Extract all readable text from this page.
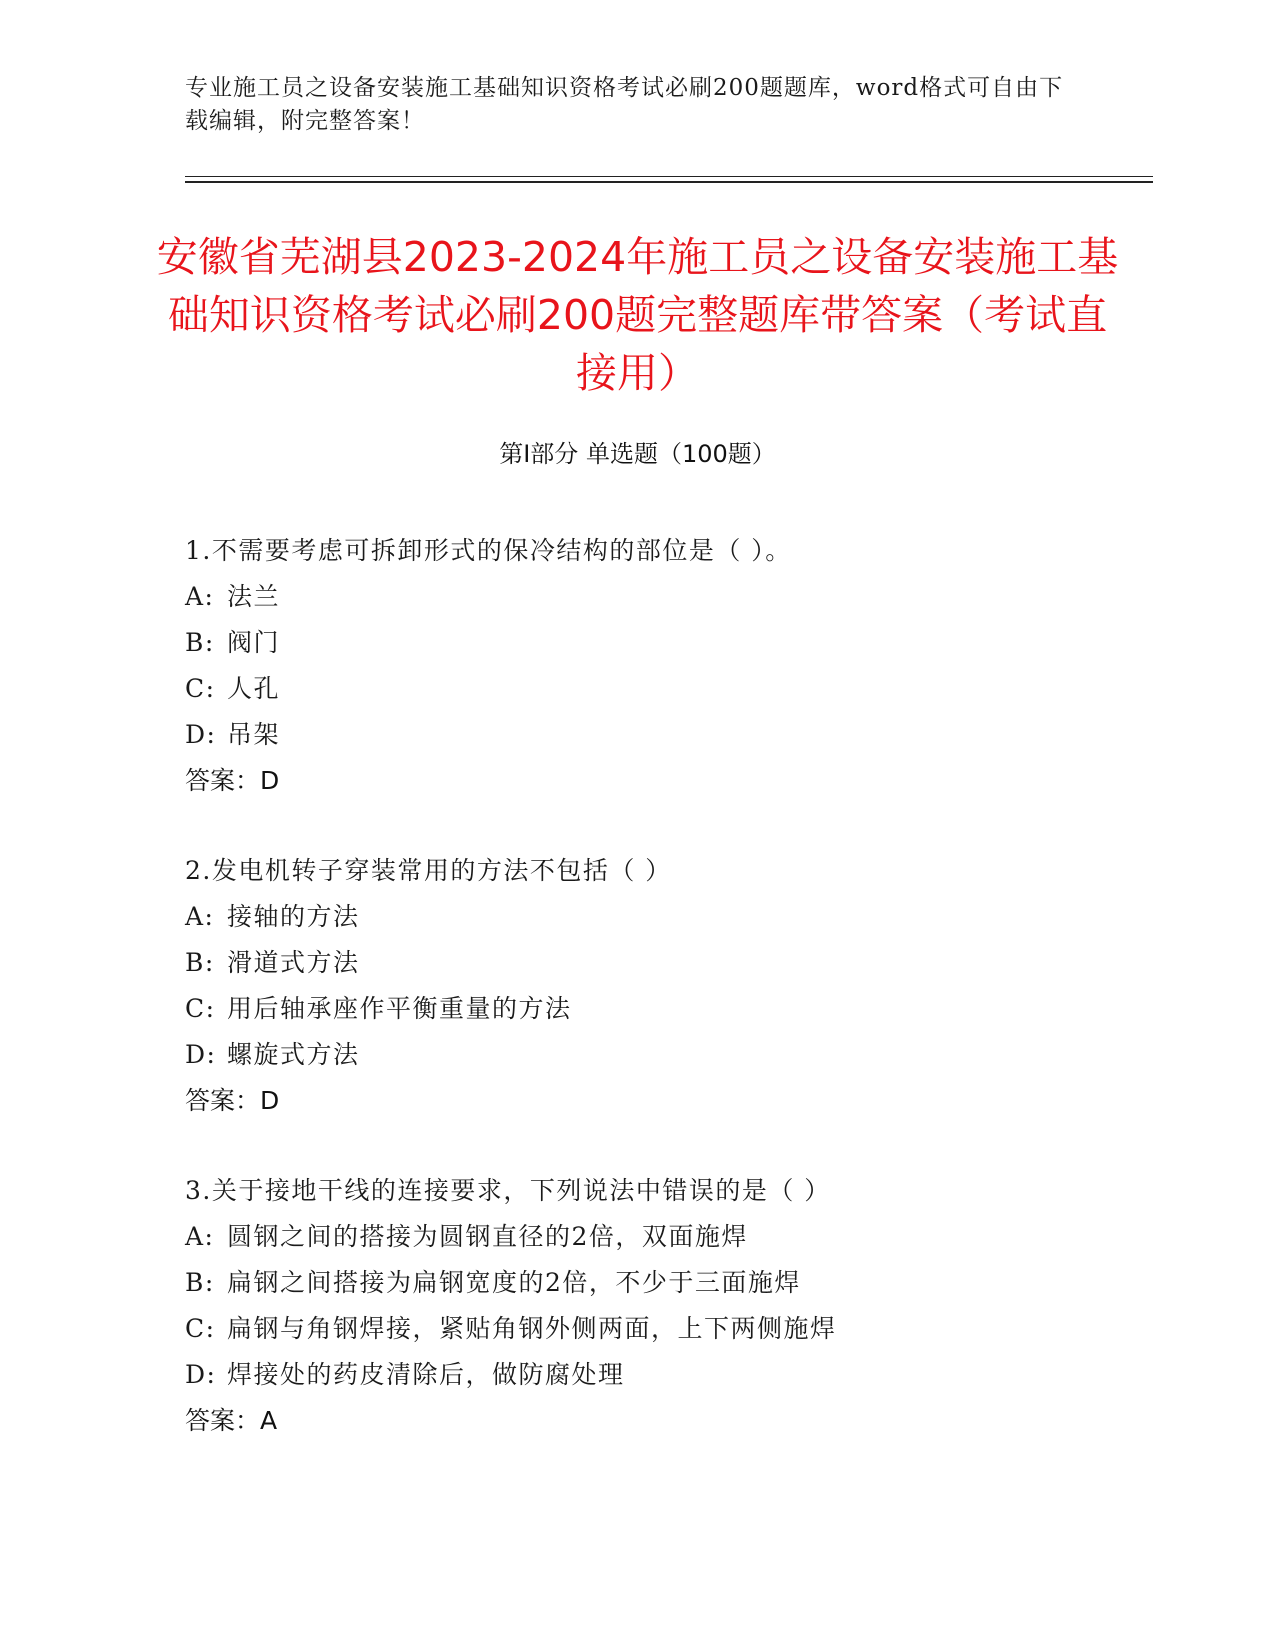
专业施工员之设备安装施工基础知识资格考试必刷200题题库，word格式可自由下载编辑，附完整答案！
安徽省芜湖县2023-2024年施工员之设备安装施工基础知识资格考试必刷200题完整题库带答案（考试直接用）
第I部分 单选题（100题）
1.不需要考虑可拆卸形式的保冷结构的部位是（ ）。
A: 法兰
B: 阀门
C: 人孔
D: 吊架
答案：D
2.发电机转子穿装常用的方法不包括（ ）
A: 接轴的方法
B: 滑道式方法
C: 用后轴承座作平衡重量的方法
D: 螺旋式方法
答案：D
3.关于接地干线的连接要求，下列说法中错误的是（ ）
A: 圆钢之间的搭接为圆钢直径的2倍，双面施焊
B: 扁钢之间搭接为扁钢宽度的2倍，不少于三面施焊
C: 扁钢与角钢焊接，紧贴角钢外侧两面，上下两侧施焊
D: 焊接处的药皮清除后，做防腐处理
答案：A
